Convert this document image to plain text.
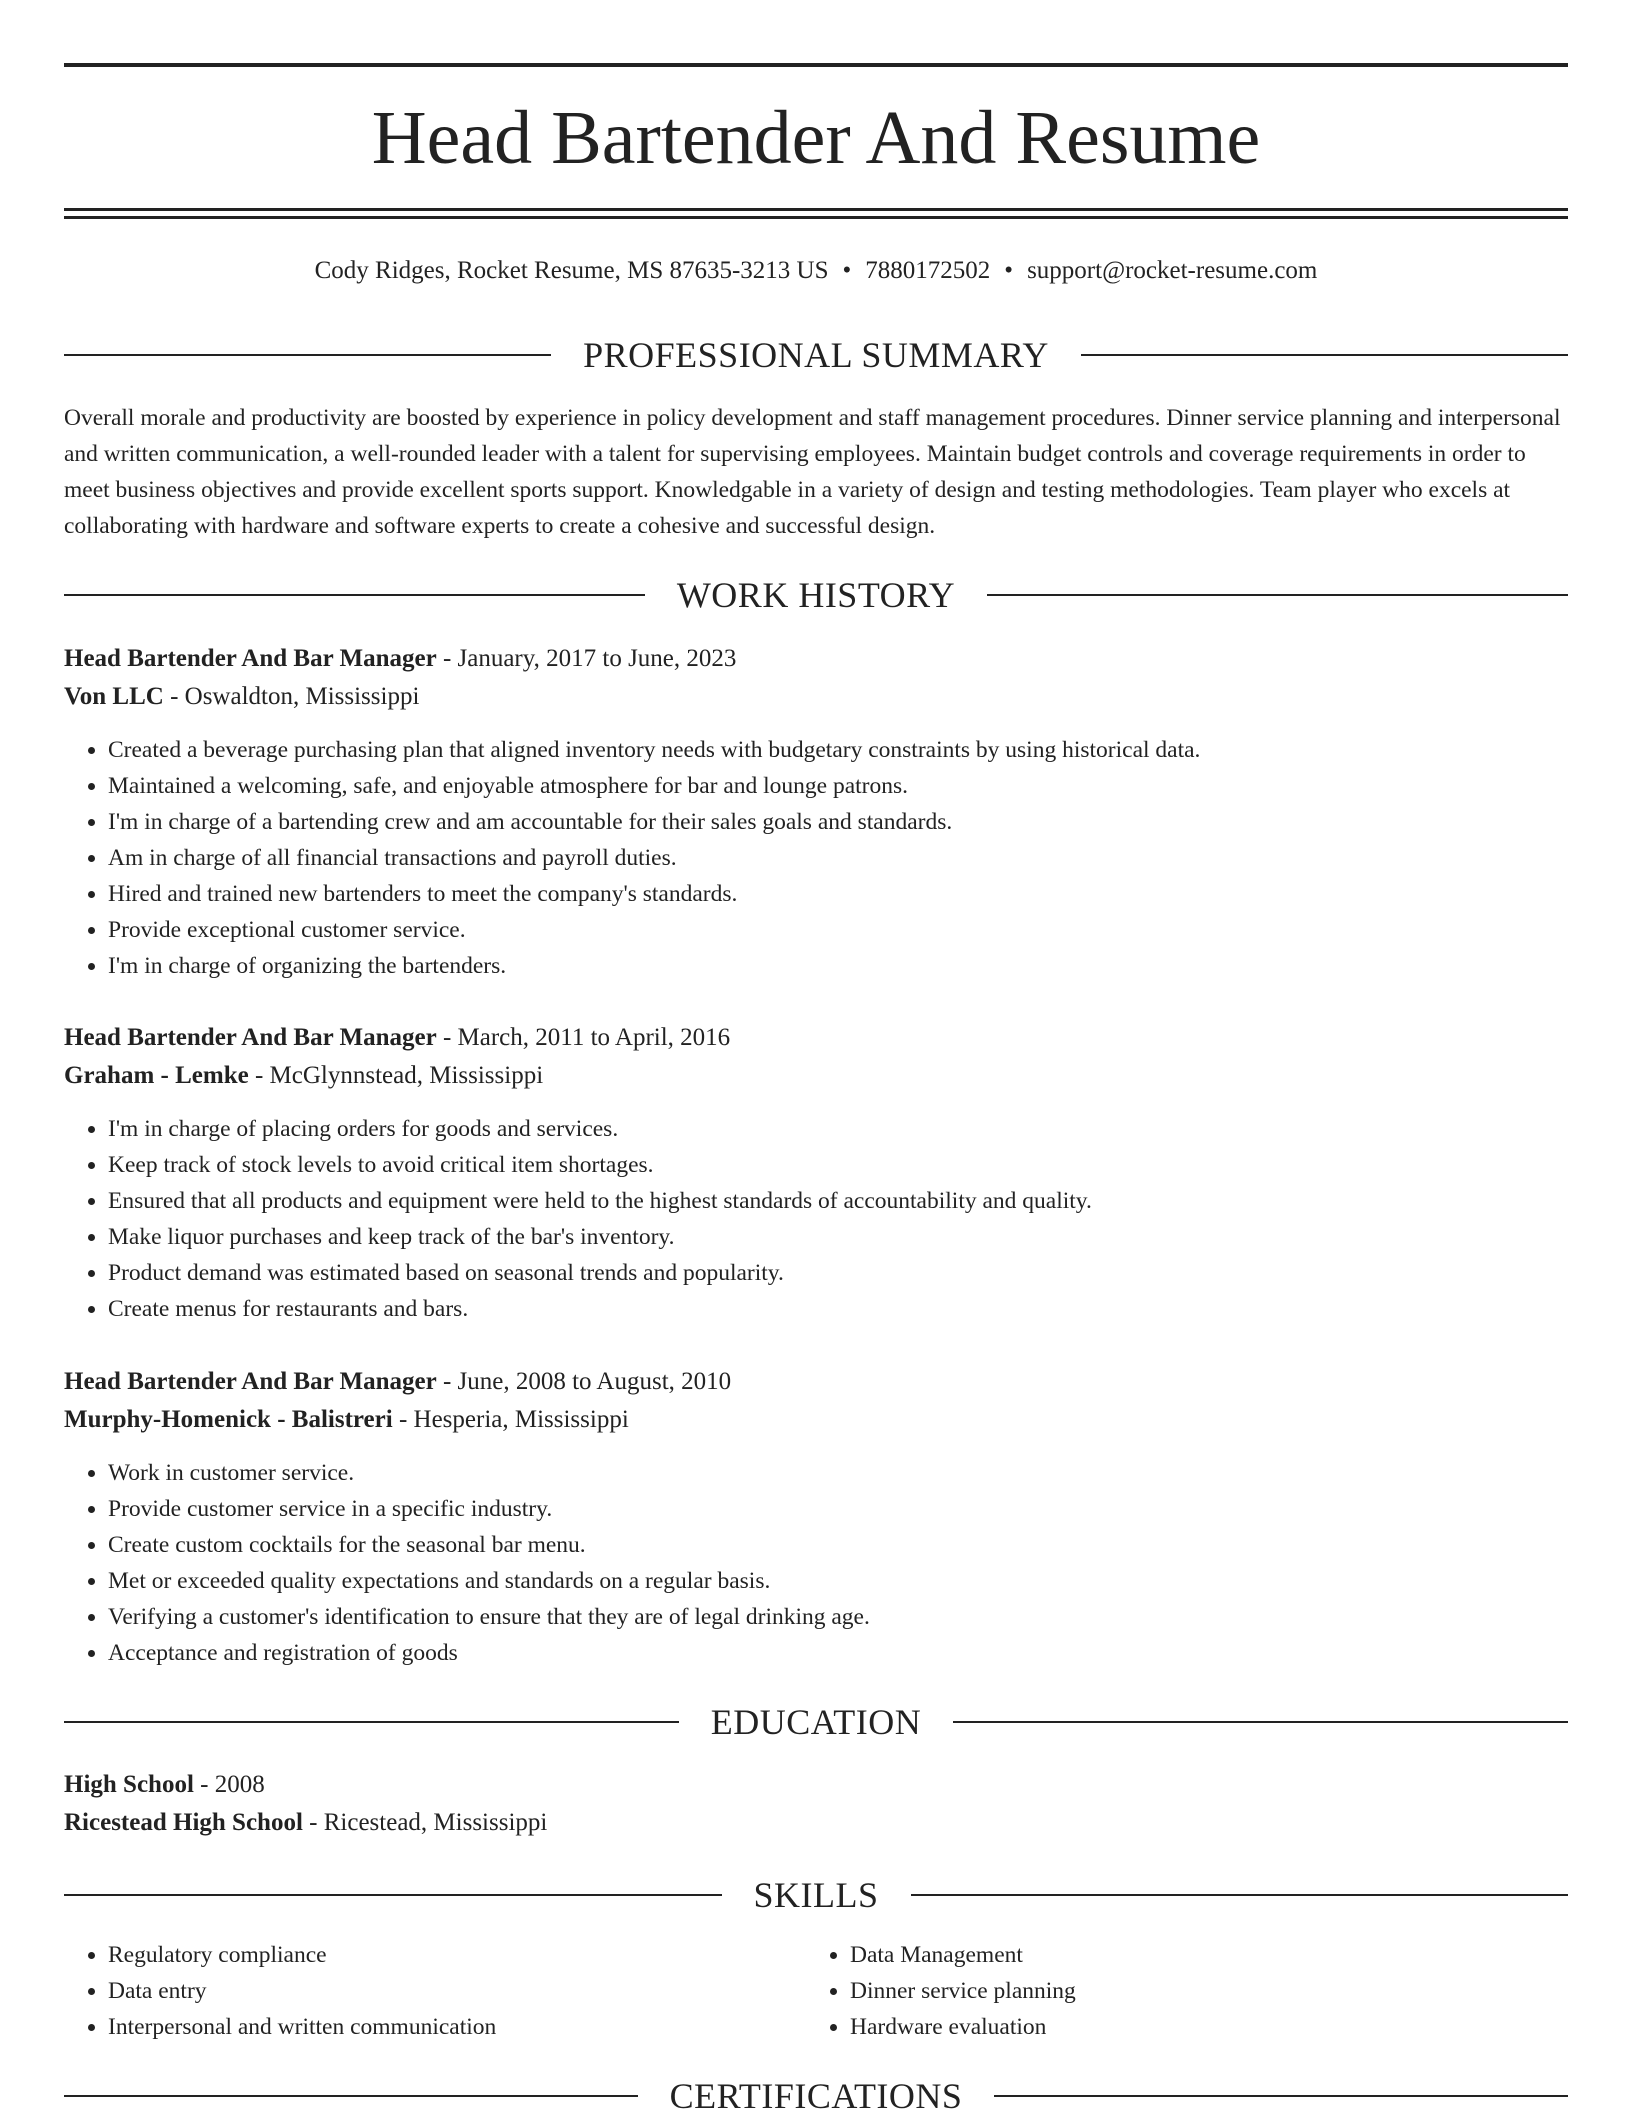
Head Bartender And Resume
Cody Ridges, Rocket Resume, MS 87635-3213 US • 7880172502 • support@rocket-resume.com
PROFESSIONAL SUMMARY

Overall morale and productivity are boosted by experience in policy development and staff management procedures. Dinner service planning and interpersonal and written communication, a well-rounded leader with a talent for supervising employees. Maintain budget controls and coverage requirements in order to meet business objectives and provide excellent sports support. Knowledgable in a variety of design and testing methodologies. Team player who excels at collaborating with hardware and software experts to create a cohesive and successful design.

WORK HISTORY
Head Bartender And Bar Manager - January, 2017 to June, 2023
Von LLC - Oswaldton, Mississippi
• Created a beverage purchasing plan that aligned inventory needs with budgetary constraints by using historical data.
• Maintained a welcoming, safe, and enjoyable atmosphere for bar and lounge patrons.
• I'm in charge of a bartending crew and am accountable for their sales goals and standards.
• Am in charge of all financial transactions and payroll duties.
• Hired and trained new bartenders to meet the company's standards.
• Provide exceptional customer service.
• I'm in charge of organizing the bartenders.
Head Bartender And Bar Manager - March, 2011 to April, 2016
Graham - Lemke - McGlynnstead, Mississippi
• I'm in charge of placing orders for goods and services.
• Keep track of stock levels to avoid critical item shortages.
• Ensured that all products and equipment were held to the highest standards of accountability and quality.
• Make liquor purchases and keep track of the bar's inventory.
• Product demand was estimated based on seasonal trends and popularity.
• Create menus for restaurants and bars.
Head Bartender And Bar Manager - June, 2008 to August, 2010
Murphy-Homenick - Balistreri - Hesperia, Mississippi
• Work in customer service.
• Provide customer service in a specific industry.
• Create custom cocktails for the seasonal bar menu.
• Met or exceeded quality expectations and standards on a regular basis.
• Verifying a customer's identification to ensure that they are of legal drinking age.
• Acceptance and registration of goods
EDUCATION
High School - 2008
Ricestead High School - Ricestead, Mississippi
SKILLS
• Regulatory compliance
• Data entry
• Interpersonal and written communication
• Data Management
• Dinner service planning
• Hardware evaluation
CERTIFICATIONS
